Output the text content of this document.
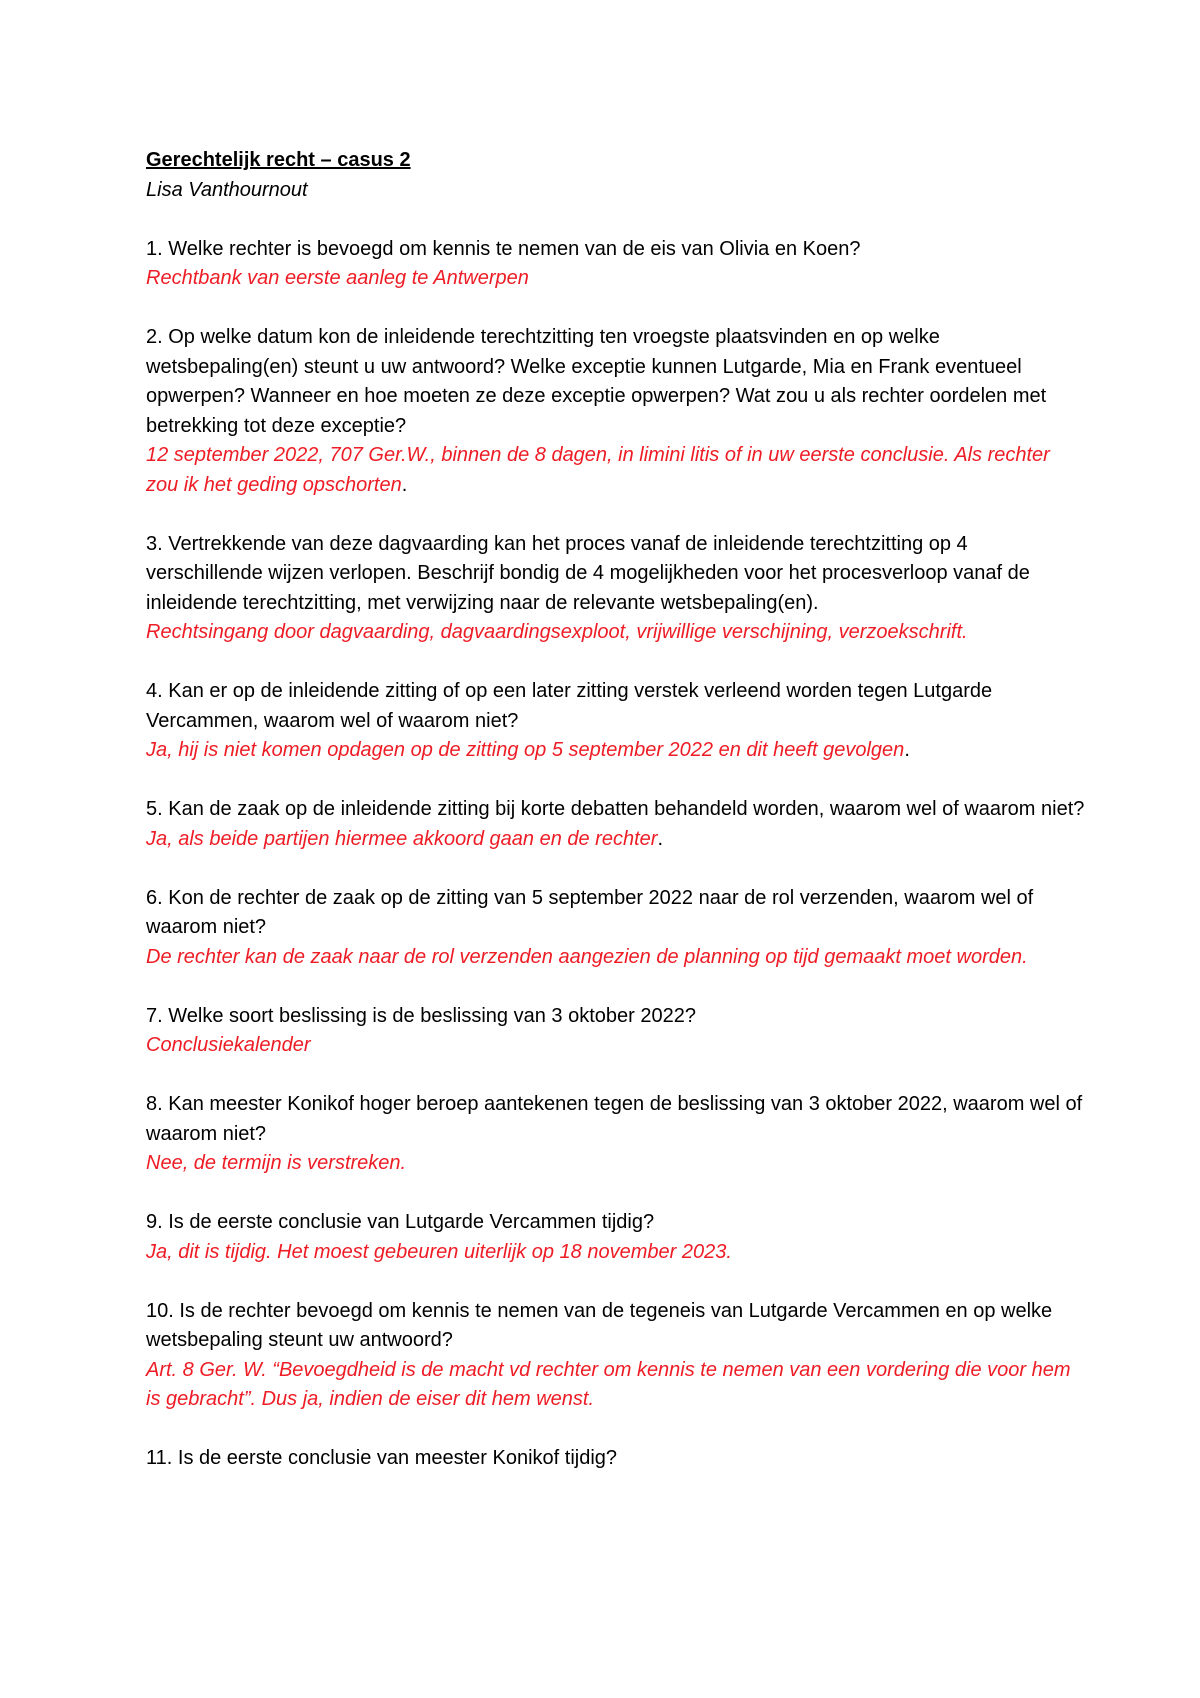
Gerechtelijk recht – casus 2

Lisa Vanthournout

1. Welke rechter is bevoegd om kennis te nemen van de eis van Olivia en Koen?

Rechtbank van eerste aanleg te Antwerpen

2. Op welke datum kon de inleidende terechtzitting ten vroegste plaatsvinden en op welke wetsbepaling(en) steunt u uw antwoord? Welke exceptie kunnen Lutgarde, Mia en Frank eventueel opwerpen? Wanneer en hoe moeten ze deze exceptie opwerpen? Wat zou u als rechter oordelen met betrekking tot deze exceptie?

12 september 2022, 707 Ger.W., binnen de 8 dagen, in limini litis of in uw eerste conclusie. Als rechter zou ik het geding opschorten.

3. Vertrekkende van deze dagvaarding kan het proces vanaf de inleidende terechtzitting op 4 verschillende wijzen verlopen. Beschrijf bondig de 4 mogelijkheden voor het procesverloop vanaf de inleidende terechtzitting, met verwijzing naar de relevante wetsbepaling(en).

Rechtsingang door dagvaarding, dagvaardingsexploot, vrijwillige verschijning, verzoekschrift.

4. Kan er op de inleidende zitting of op een later zitting verstek verleend worden tegen Lutgarde Vercammen, waarom wel of waarom niet?

Ja, hij is niet komen opdagen op de zitting op 5 september 2022 en dit heeft gevolgen.

5. Kan de zaak op de inleidende zitting bij korte debatten behandeld worden, waarom wel of waarom niet?

Ja, als beide partijen hiermee akkoord gaan en de rechter.

6. Kon de rechter de zaak op de zitting van 5 september 2022 naar de rol verzenden, waarom wel of waarom niet?

De rechter kan de zaak naar de rol verzenden aangezien de planning op tijd gemaakt moet worden.

7. Welke soort beslissing is de beslissing van 3 oktober 2022?

Conclusiekalender

8. Kan meester Konikof hoger beroep aantekenen tegen de beslissing van 3 oktober 2022, waarom wel of waarom niet?

Nee, de termijn is verstreken.

9. Is de eerste conclusie van Lutgarde Vercammen tijdig?

Ja, dit is tijdig. Het moest gebeuren uiterlijk op 18 november 2023.

10. Is de rechter bevoegd om kennis te nemen van de tegeneis van Lutgarde Vercammen en op welke wetsbepaling steunt uw antwoord?

Art. 8 Ger. W. “Bevoegdheid is de macht vd rechter om kennis te nemen van een vordering die voor hem is gebracht”. Dus ja, indien de eiser dit hem wenst.

11. Is de eerste conclusie van meester Konikof tijdig?
